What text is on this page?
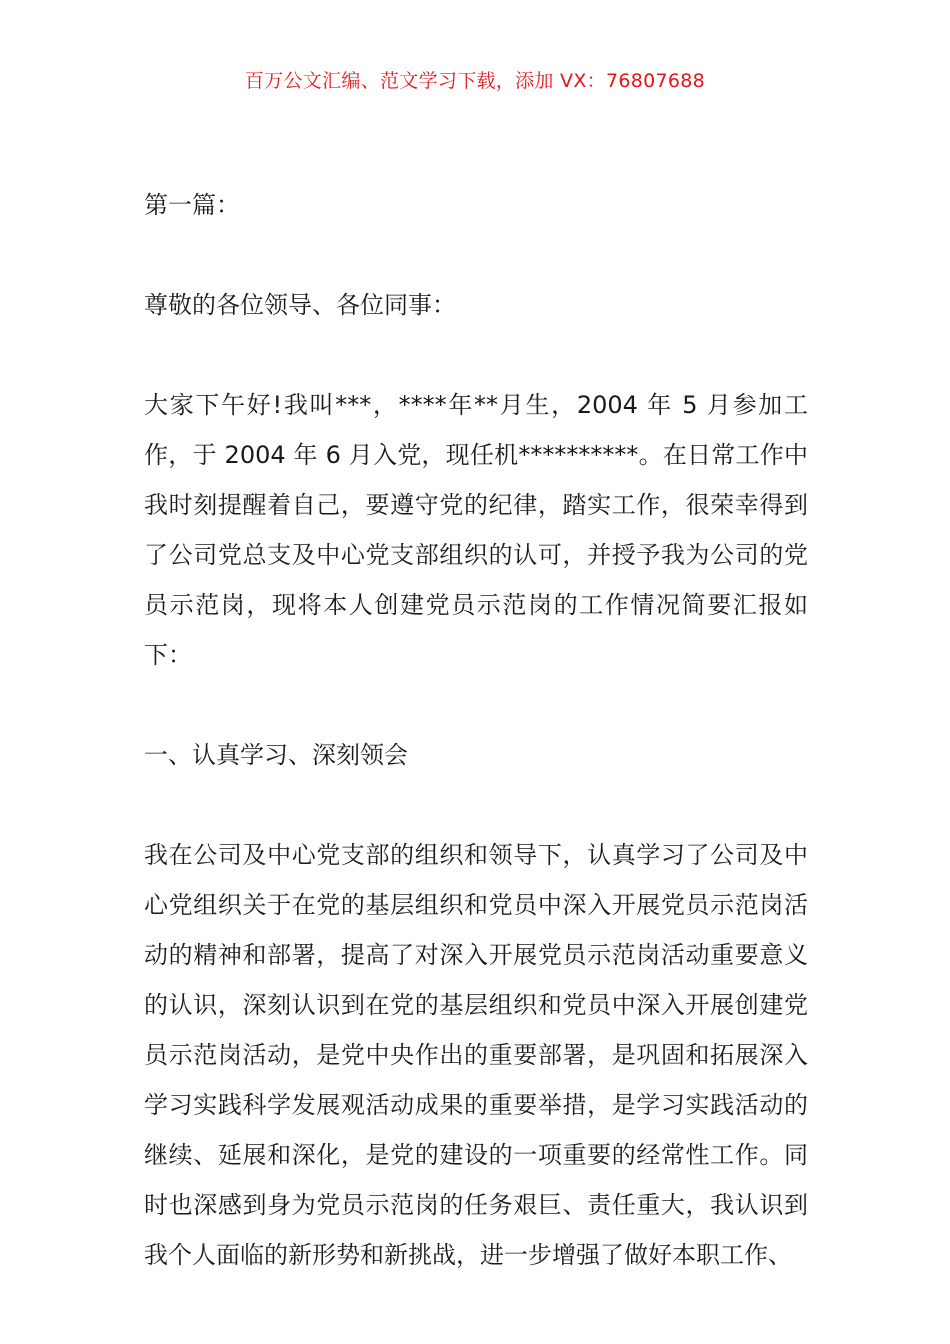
百万公文汇编、范文学习下载，添加 VX：76807688

第一篇：

尊敬的各位领导、各位同事：

大家下午好!我叫***，****年**月生，2004 年 5 月参加工作，于 2004 年 6 月入党，现任机**********。在日常工作中我时刻提醒着自己，要遵守党的纪律，踏实工作，很荣幸得到了公司党总支及中心党支部组织的认可，并授予我为公司的党员示范岗，现将本人创建党员示范岗的工作情况简要汇报如下：

一、认真学习、深刻领会

我在公司及中心党支部的组织和领导下，认真学习了公司及中心党组织关于在党的基层组织和党员中深入开展党员示范岗活动的精神和部署，提高了对深入开展党员示范岗活动重要意义的认识，深刻认识到在党的基层组织和党员中深入开展创建党员示范岗活动，是党中央作出的重要部署，是巩固和拓展深入学习实践科学发展观活动成果的重要举措，是学习实践活动的继续、延展和深化，是党的建设的一项重要的经常性工作。同时也深感到身为党员示范岗的任务艰巨、责任重大，我认识到我个人面临的新形势和新挑战，进一步增强了做好本职工作、
